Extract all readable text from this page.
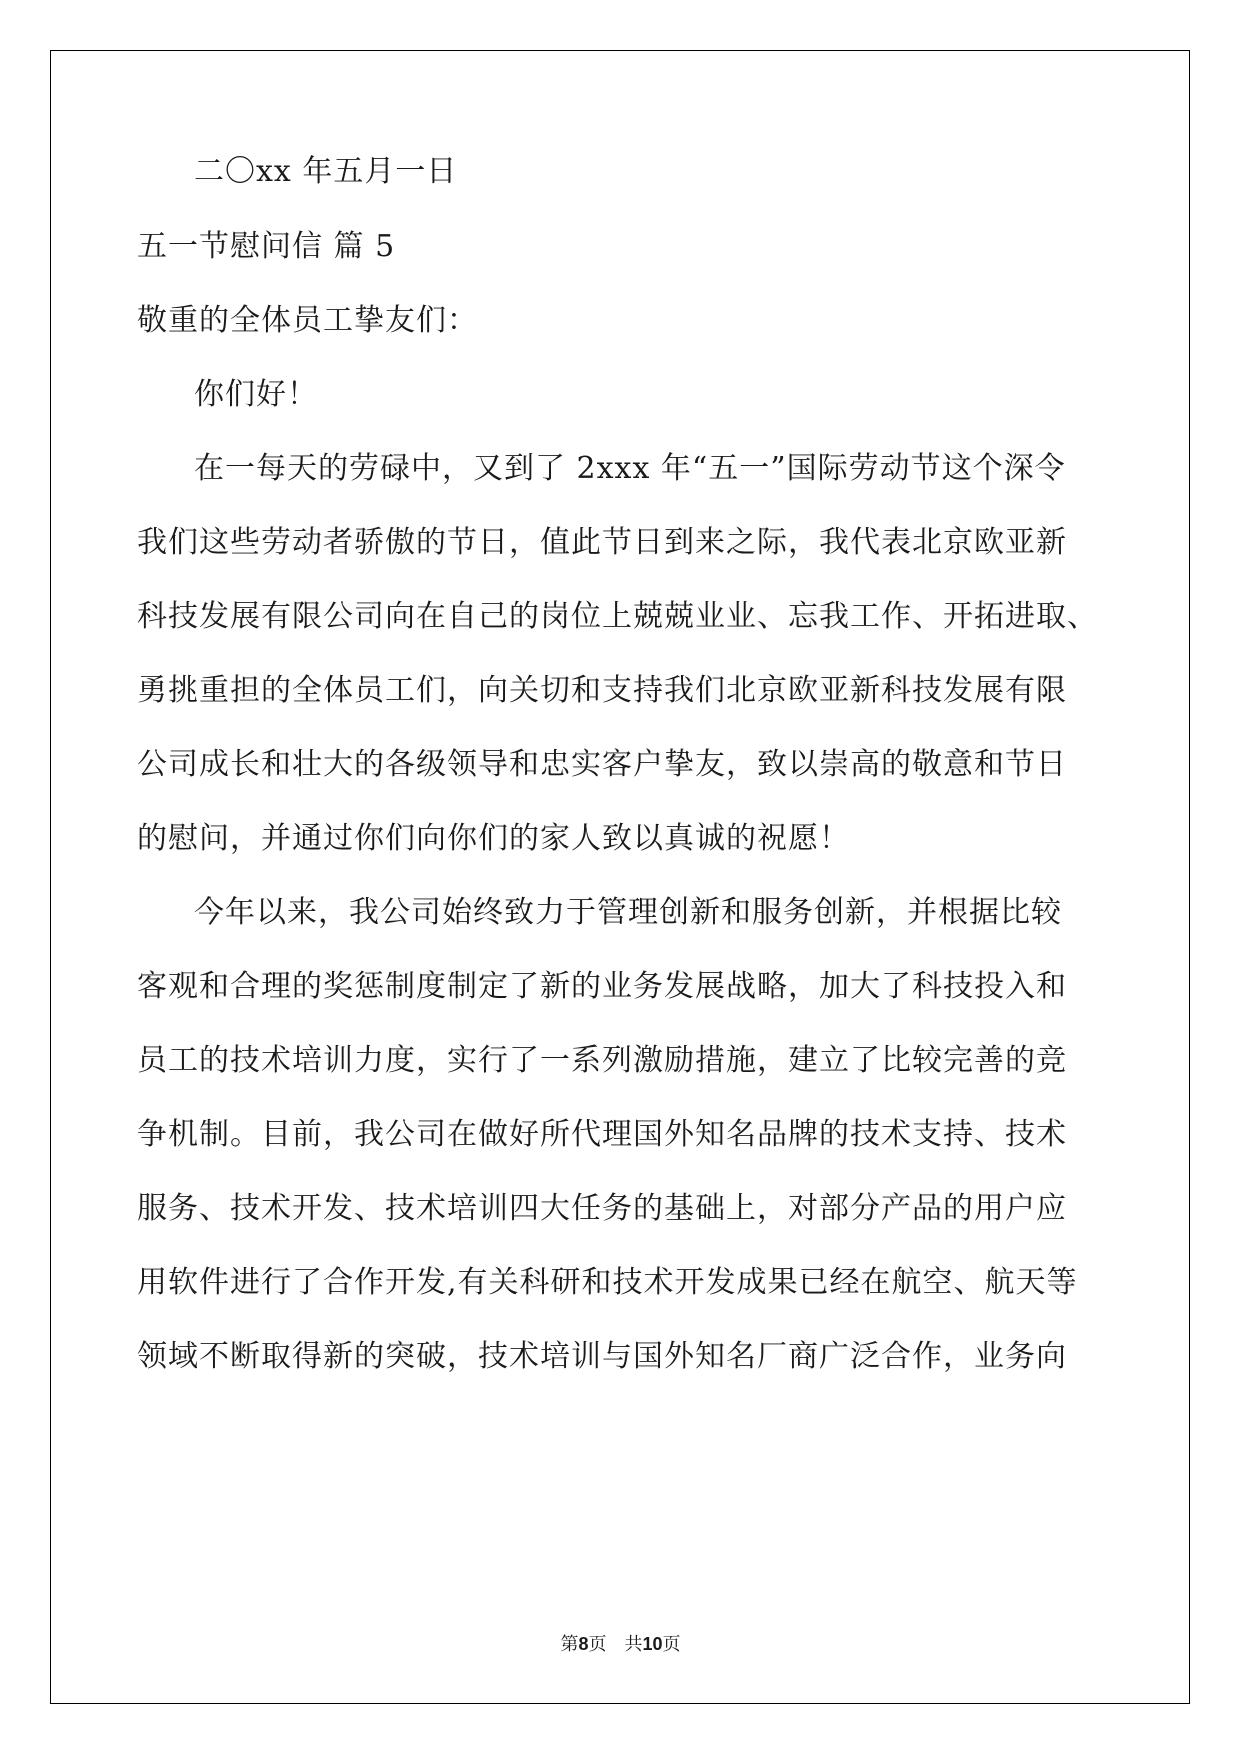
二〇xx 年五月一日
五一节慰问信 篇 5
敬重的全体员工挚友们：
你们好！
在一每天的劳碌中，又到了 2xxx 年“五一”国际劳动节这个深令
我们这些劳动者骄傲的节日，值此节日到来之际，我代表北京欧亚新
科技发展有限公司向在自己的岗位上兢兢业业、忘我工作、开拓进取、
勇挑重担的全体员工们，向关切和支持我们北京欧亚新科技发展有限
公司成长和壮大的各级领导和忠实客户挚友，致以崇高的敬意和节日
的慰问，并通过你们向你们的家人致以真诚的祝愿！
今年以来，我公司始终致力于管理创新和服务创新，并根据比较
客观和合理的奖惩制度制定了新的业务发展战略，加大了科技投入和
员工的技术培训力度，实行了一系列激励措施，建立了比较完善的竞
争机制。目前，我公司在做好所代理国外知名品牌的技术支持、技术
服务、技术开发、技术培训四大任务的基础上，对部分产品的用户应
用软件进行了合作开发,有关科研和技术开发成果已经在航空、航天等
领域不断取得新的突破，技术培训与国外知名厂商广泛合作，业务向
第8页　共10页
